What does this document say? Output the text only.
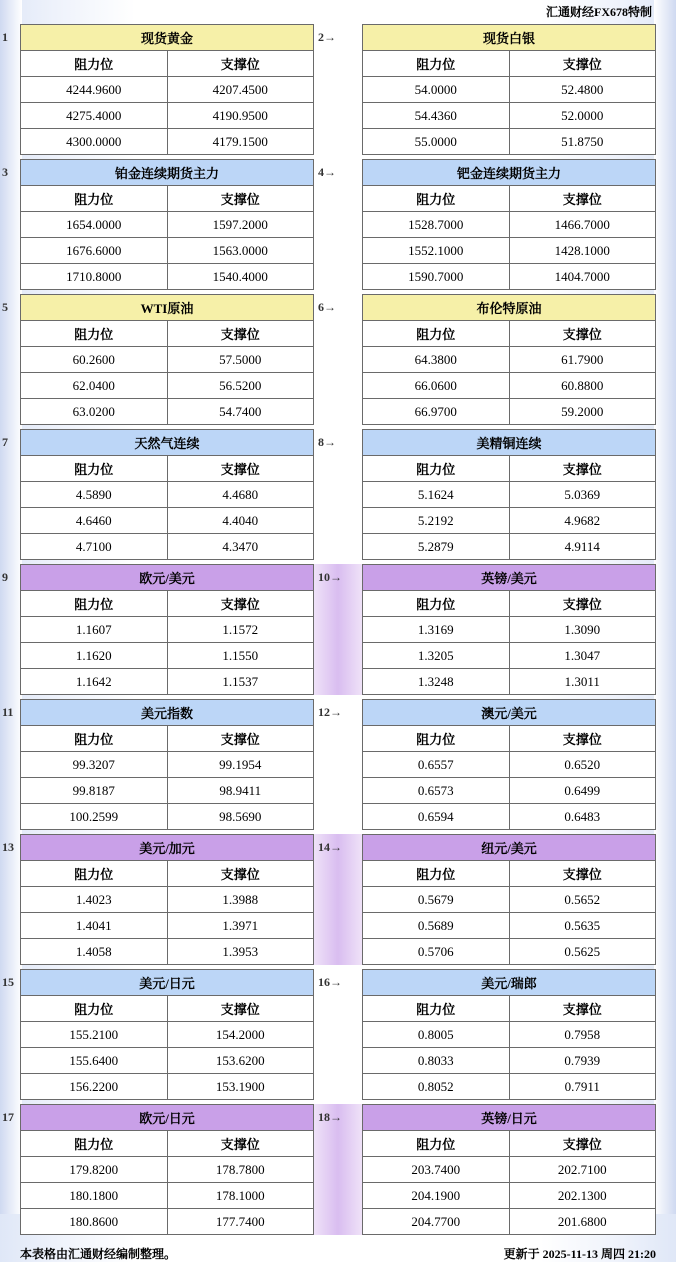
汇通财经FX678特制
1	现货黄金	
阻力位	支撑位
4244.9600	4207.4500
4275.4000	4190.9500
4300.0000	4179.1500
2→	现货白银	
阻力位	支撑位
54.0000	52.4800
54.4360	52.0000
55.0000	51.8750
3	铂金连续期货主力	
阻力位	支撑位
1654.0000	1597.2000
1676.6000	1563.0000
1710.8000	1540.4000
4→	钯金连续期货主力	
阻力位	支撑位
1528.7000	1466.7000
1552.1000	1428.1000
1590.7000	1404.7000
5	WTI原油	
阻力位	支撑位
60.2600	57.5000
62.0400	56.5200
63.0200	54.7400
6→	布伦特原油	
阻力位	支撑位
64.3800	61.7900
66.0600	60.8800
66.9700	59.2000
7	天然气连续	
阻力位	支撑位
4.5890	4.4680
4.6460	4.4040
4.7100	4.3470
8→	美精铜连续	
阻力位	支撑位
5.1624	5.0369
5.2192	4.9682
5.2879	4.9114
9	欧元/美元	
阻力位	支撑位
1.1607	1.1572
1.1620	1.1550
1.1642	1.1537
10→	英镑/美元	
阻力位	支撑位
1.3169	1.3090
1.3205	1.3047
1.3248	1.3011
11	美元指数	
阻力位	支撑位
99.3207	99.1954
99.8187	98.9411
100.2599	98.5690
12→	澳元/美元	
阻力位	支撑位
0.6557	0.6520
0.6573	0.6499
0.6594	0.6483
13	美元/加元	
阻力位	支撑位
1.4023	1.3988
1.4041	1.3971
1.4058	1.3953
14→	纽元/美元	
阻力位	支撑位
0.5679	0.5652
0.5689	0.5635
0.5706	0.5625
15	美元/日元	
阻力位	支撑位
155.2100	154.2000
155.6400	153.6200
156.2200	153.1900
16→	美元/瑞郎	
阻力位	支撑位
0.8005	0.7958
0.8033	0.7939
0.8052	0.7911
17	欧元/日元	
阻力位	支撑位
179.8200	178.7800
180.1800	178.1000
180.8600	177.7400
18→	英镑/日元	
阻力位	支撑位
203.7400	202.7100
204.1900	202.1300
204.7700	201.6800
本表格由汇通财经编制整理。	更新于 2025-11-13 周四 21:20
